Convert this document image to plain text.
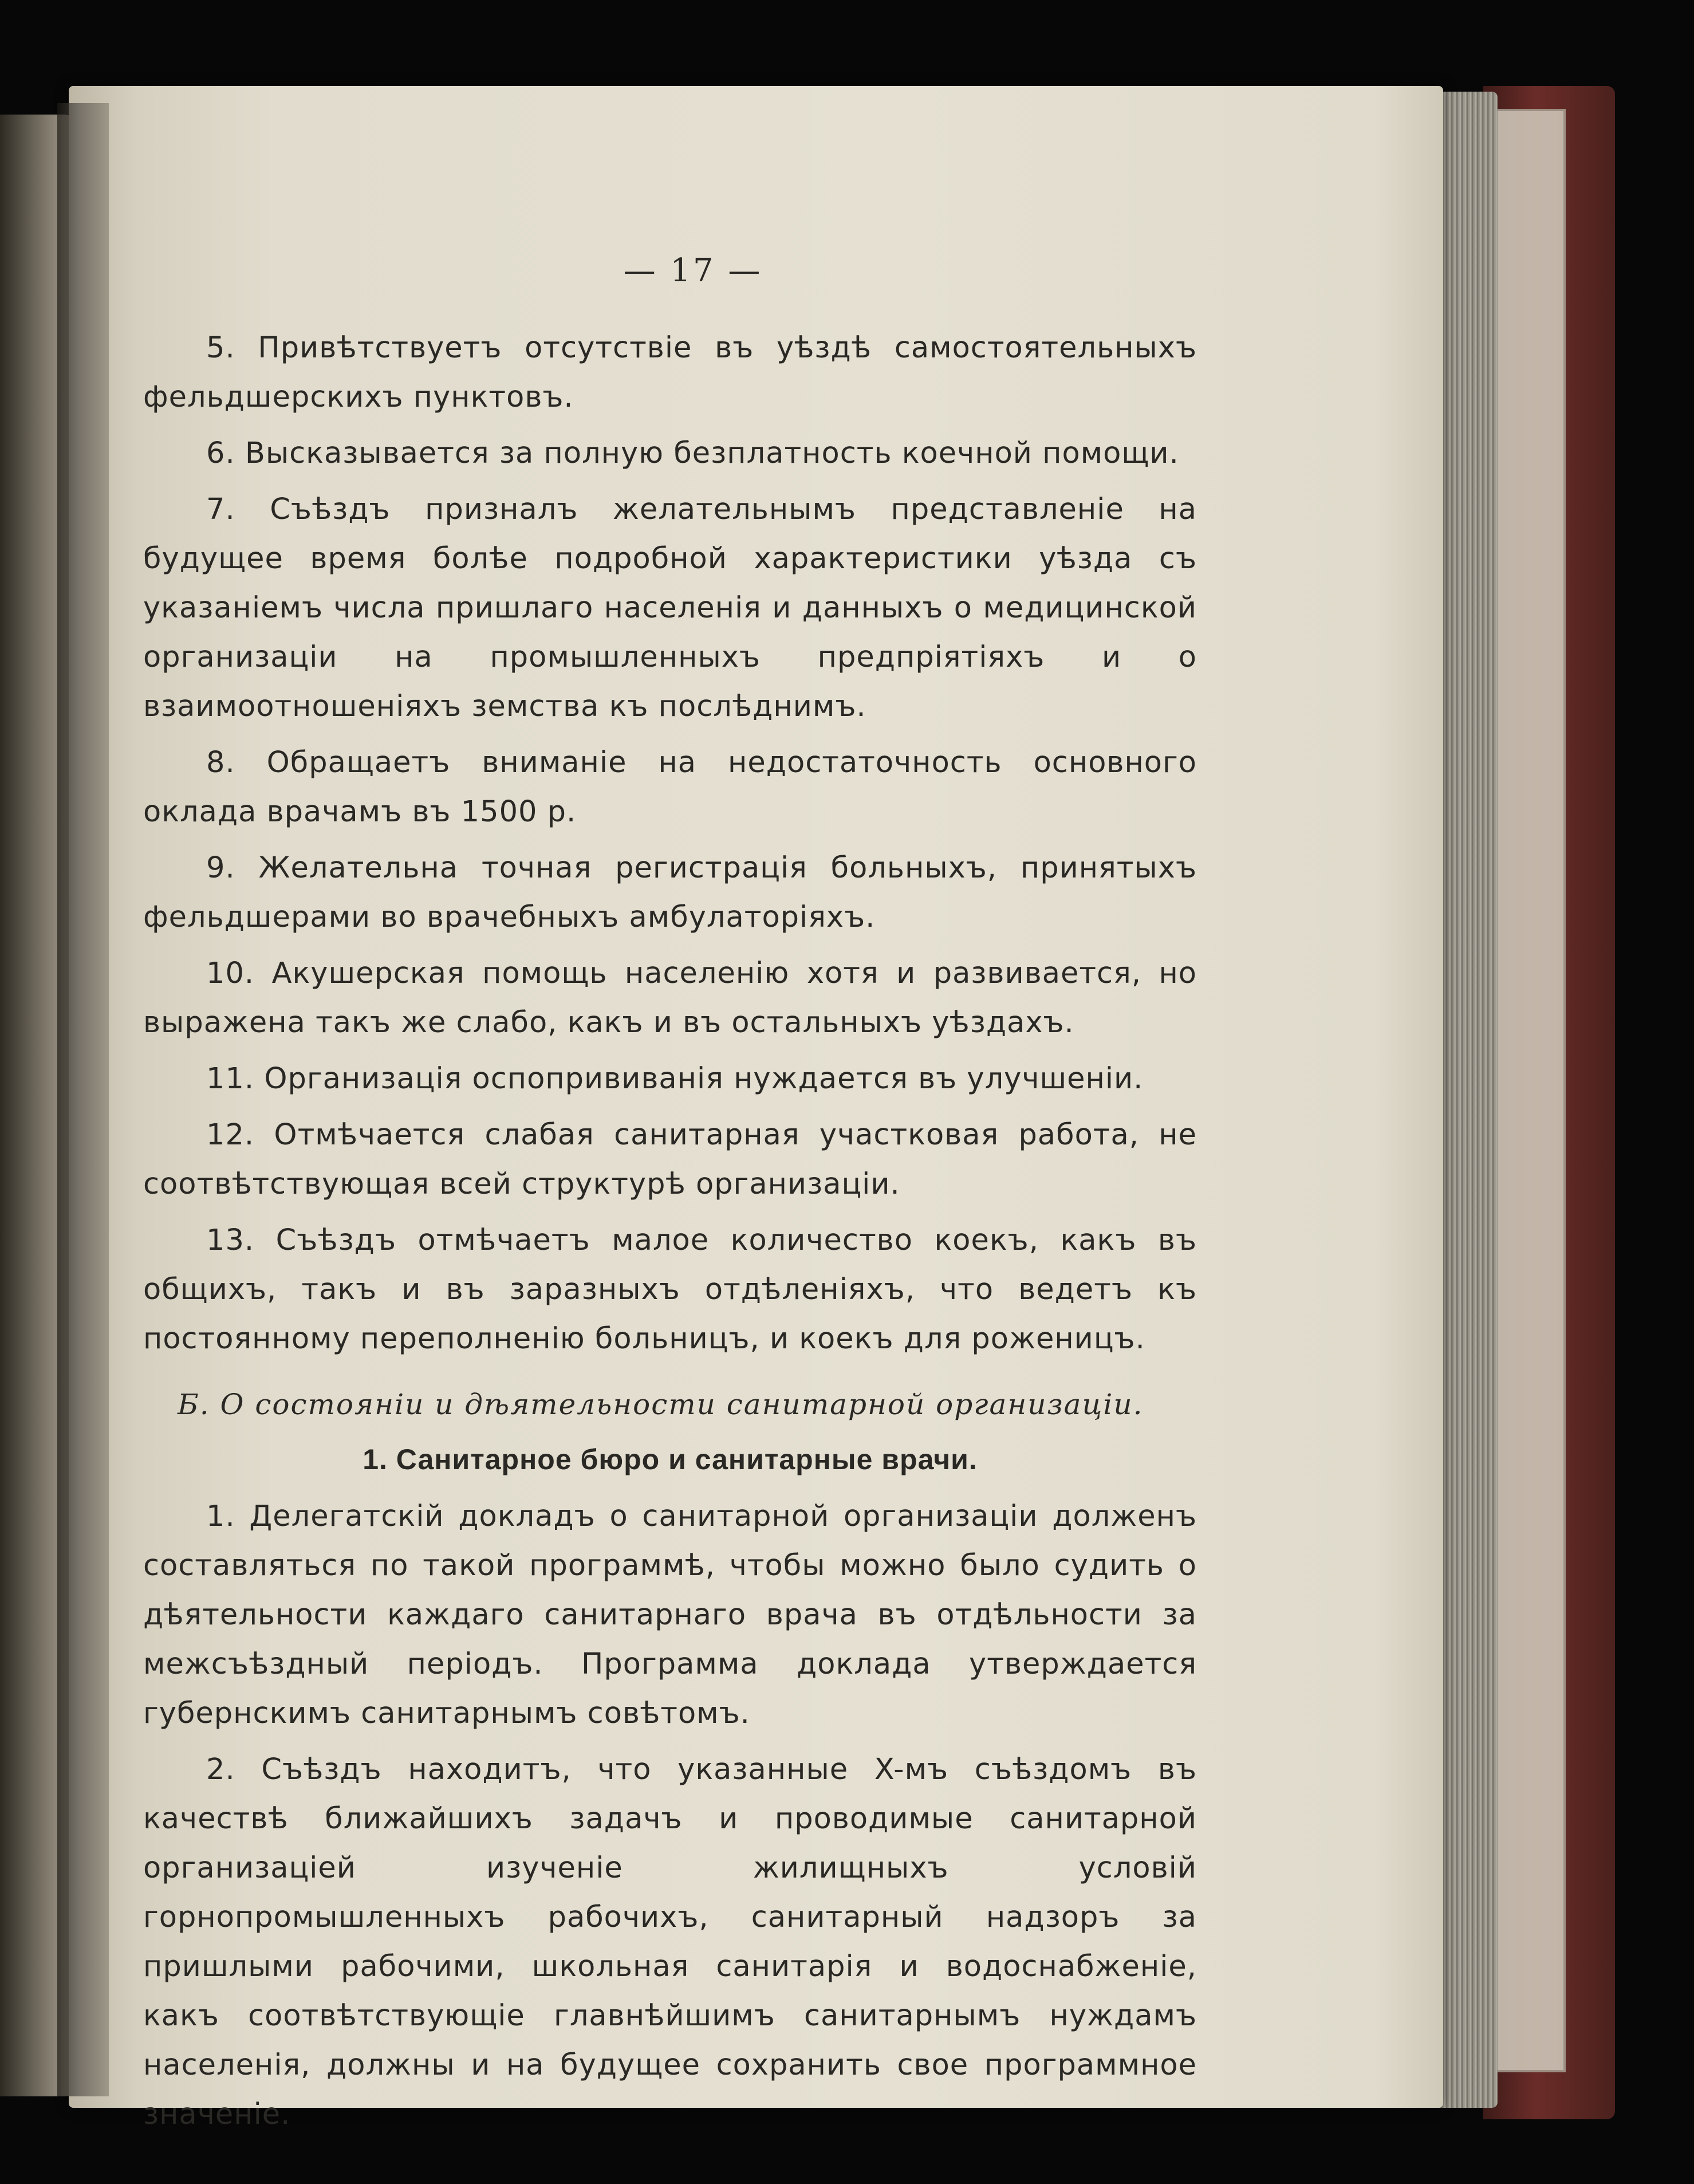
— 17 —

5. Привѣтствуетъ отсутствіе въ уѣздѣ самостоятельныхъ фельдшерскихъ пунктовъ.

6. Высказывается за полную безплатность коечной помощи.

7. Съѣздъ призналъ желательнымъ представленіе на будущее время болѣе подробной характеристики уѣзда съ указаніемъ числа пришлаго населенія и данныхъ о медицинской организаціи на промышленныхъ предпріятіяхъ и о взаимоотношеніяхъ земства къ послѣднимъ.

8. Обращаетъ вниманіе на недостаточность основного оклада врачамъ въ 1500 р.

9. Желательна точная регистрація больныхъ, принятыхъ фельдшерами во врачебныхъ амбулаторіяхъ.

10. Акушерская помощь населенію хотя и развивается, но выражена такъ же слабо, какъ и въ остальныхъ уѣздахъ.

11. Организація оспопрививанія нуждается въ улучшеніи.

12. Отмѣчается слабая санитарная участковая работа, не соотвѣтствующая всей структурѣ организаціи.

13. Съѣздъ отмѣчаетъ малое количество коекъ, какъ въ общихъ, такъ и въ заразныхъ отдѣленіяхъ, что ведетъ къ постоянному переполненію больницъ, и коекъ для роженицъ.

Б. О состояніи и дѣятельности санитарной организаціи.
1. Санитарное бюро и санитарные врачи.

1. Делегатскій докладъ о санитарной организаціи долженъ составляться по такой программѣ, чтобы можно было судить о дѣятельности каждаго санитарнаго врача въ отдѣльности за межсъѣздный періодъ. Программа доклада утверждается губернскимъ санитарнымъ совѣтомъ.

2. Съѣздъ находитъ, что указанные X-мъ съѣздомъ въ качествѣ ближайшихъ задачъ и проводимые санитарной организаціей изученіе жилищныхъ условій горнопромышленныхъ рабочихъ, санитарный надзоръ за пришлыми рабочими, школьная санитарія и водоснабженіе, какъ соотвѣтствующіе главнѣйшимъ санитарнымъ нуждамъ населенія, должны и на будущее сохранить свое программное значеніе.
